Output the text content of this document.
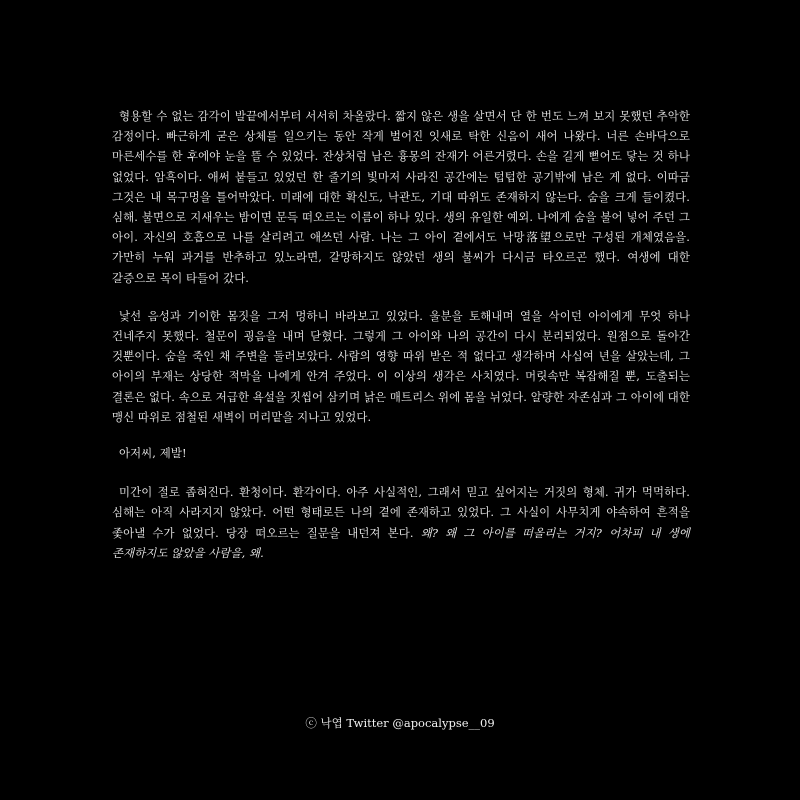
형용할 수 없는 감각이 발끝에서부터 서서히 차올랐다. 짧지 않은 생을 살면서 단 한 번도 느껴 보지 못했던 추악한 감정이다. 빠근하게 굳은 상체를 일으키는 동안 작게 벌어진 잇새로 탁한 신음이 새어 나왔다. 너른 손바닥으로 마른세수를 한 후에야 눈을 뜰 수 있었다. 잔상처럼 남은 흉몽의 잔재가 어른거렸다. 손을 길게 뻗어도 닿는 것 하나 없었다. 암흑이다. 애써 붙들고 있었던 한 줄기의 빛마저 사라진 공간에는 텁텁한 공기밖에 남은 게 없다. 이따금 그것은 내 목구멍을 틀어막았다. 미래에 대한 확신도, 낙관도, 기대 따위도 존재하지 않는다. 숨을 크게 들이켰다. 심해. 불면으로 지새우는 밤이면 문득 떠오르는 이름이 하나 있다. 생의 유일한 예외. 나에게 숨을 불어 넣어 주던 그 아이. 자신의 호흡으로 나를 살리려고 애쓰던 사람. 나는 그 아이 곁에서도 낙망落望으로만 구성된 개체였음을. 가만히 누워 과거를 반추하고 있노라면, 갈망하지도 않았던 생의 불씨가 다시금 타오르곤 했다. 여생에 대한 갈증으로 목이 타들어 갔다.

낯선 음성과 기이한 몸짓을 그저 멍하니 바라보고 있었다. 울분을 토해내며 열을 삭이던 아이에게 무엇 하나 건네주지 못했다. 철문이 굉음을 내며 닫혔다. 그렇게 그 아이와 나의 공간이 다시 분리되었다. 원점으로 돌아간 것뿐이다. 숨을 죽인 채 주변을 둘러보았다. 사람의 영향 따위 받은 적 없다고 생각하며 사십여 년을 살았는데, 그 아이의 부재는 상당한 적막을 나에게 안겨 주었다. 이 이상의 생각은 사치였다. 머릿속만 복잡해질 뿐, 도출되는 결론은 없다. 속으로 저급한 욕설을 짓씹어 삼키며 낡은 매트리스 위에 몸을 뉘었다. 알량한 자존심과 그 아이에 대한 맹신 따위로 점철된 새벽이 머리맡을 지나고 있었다.

아저씨, 제발!

미간이 절로 좁혀진다. 환청이다. 환각이다. 아주 사실적인, 그래서 믿고 싶어지는 거짓의 형체. 귀가 먹먹하다. 심해는 아직 사라지지 않았다. 어떤 형태로든 나의 곁에 존재하고 있었다. 그 사실이 사무치게 야속하여 흔적을 좇아낼 수가 없었다. 당장 떠오르는 질문을 내던져 본다. 왜? 왜 그 아이를 떠올리는 거지? 어차피 내 생에 존재하지도 않았을 사람을, 왜.

ⓒ 낙엽 Twitter @apocalypse__09
